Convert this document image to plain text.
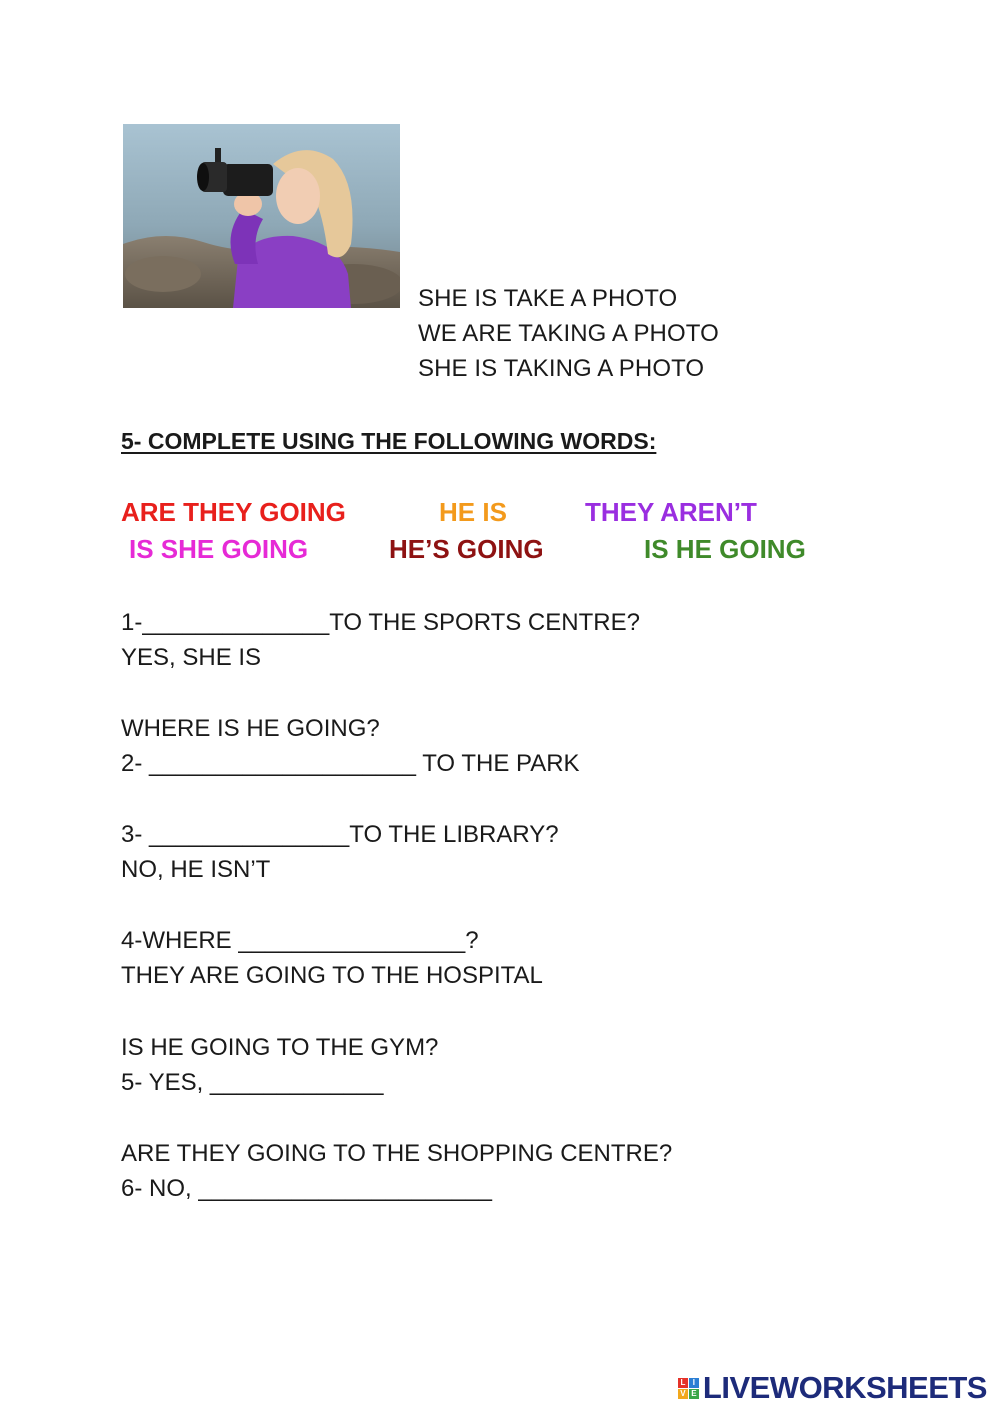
SHE IS TAKE A PHOTO
WE ARE TAKING A PHOTO
SHE IS TAKING A PHOTO
5- COMPLETE USING THE FOLLOWING WORDS:
ARE THEY GOING	HE IS	THEY AREN’T
IS SHE GOING	HE’S GOING	IS HE GOING
1-______________TO THE SPORTS CENTRE?
YES, SHE IS
WHERE IS HE GOING?
2- ____________________ TO THE PARK
3- _______________TO THE LIBRARY?
NO, HE ISN’T
4-WHERE _________________?
THEY ARE GOING TO THE HOSPITAL
IS HE GOING TO THE GYM?
5- YES, _____________
ARE THEY GOING TO THE SHOPPING CENTRE?
6- NO, ______________________
L I
V E LIVEWORKSHEETS
